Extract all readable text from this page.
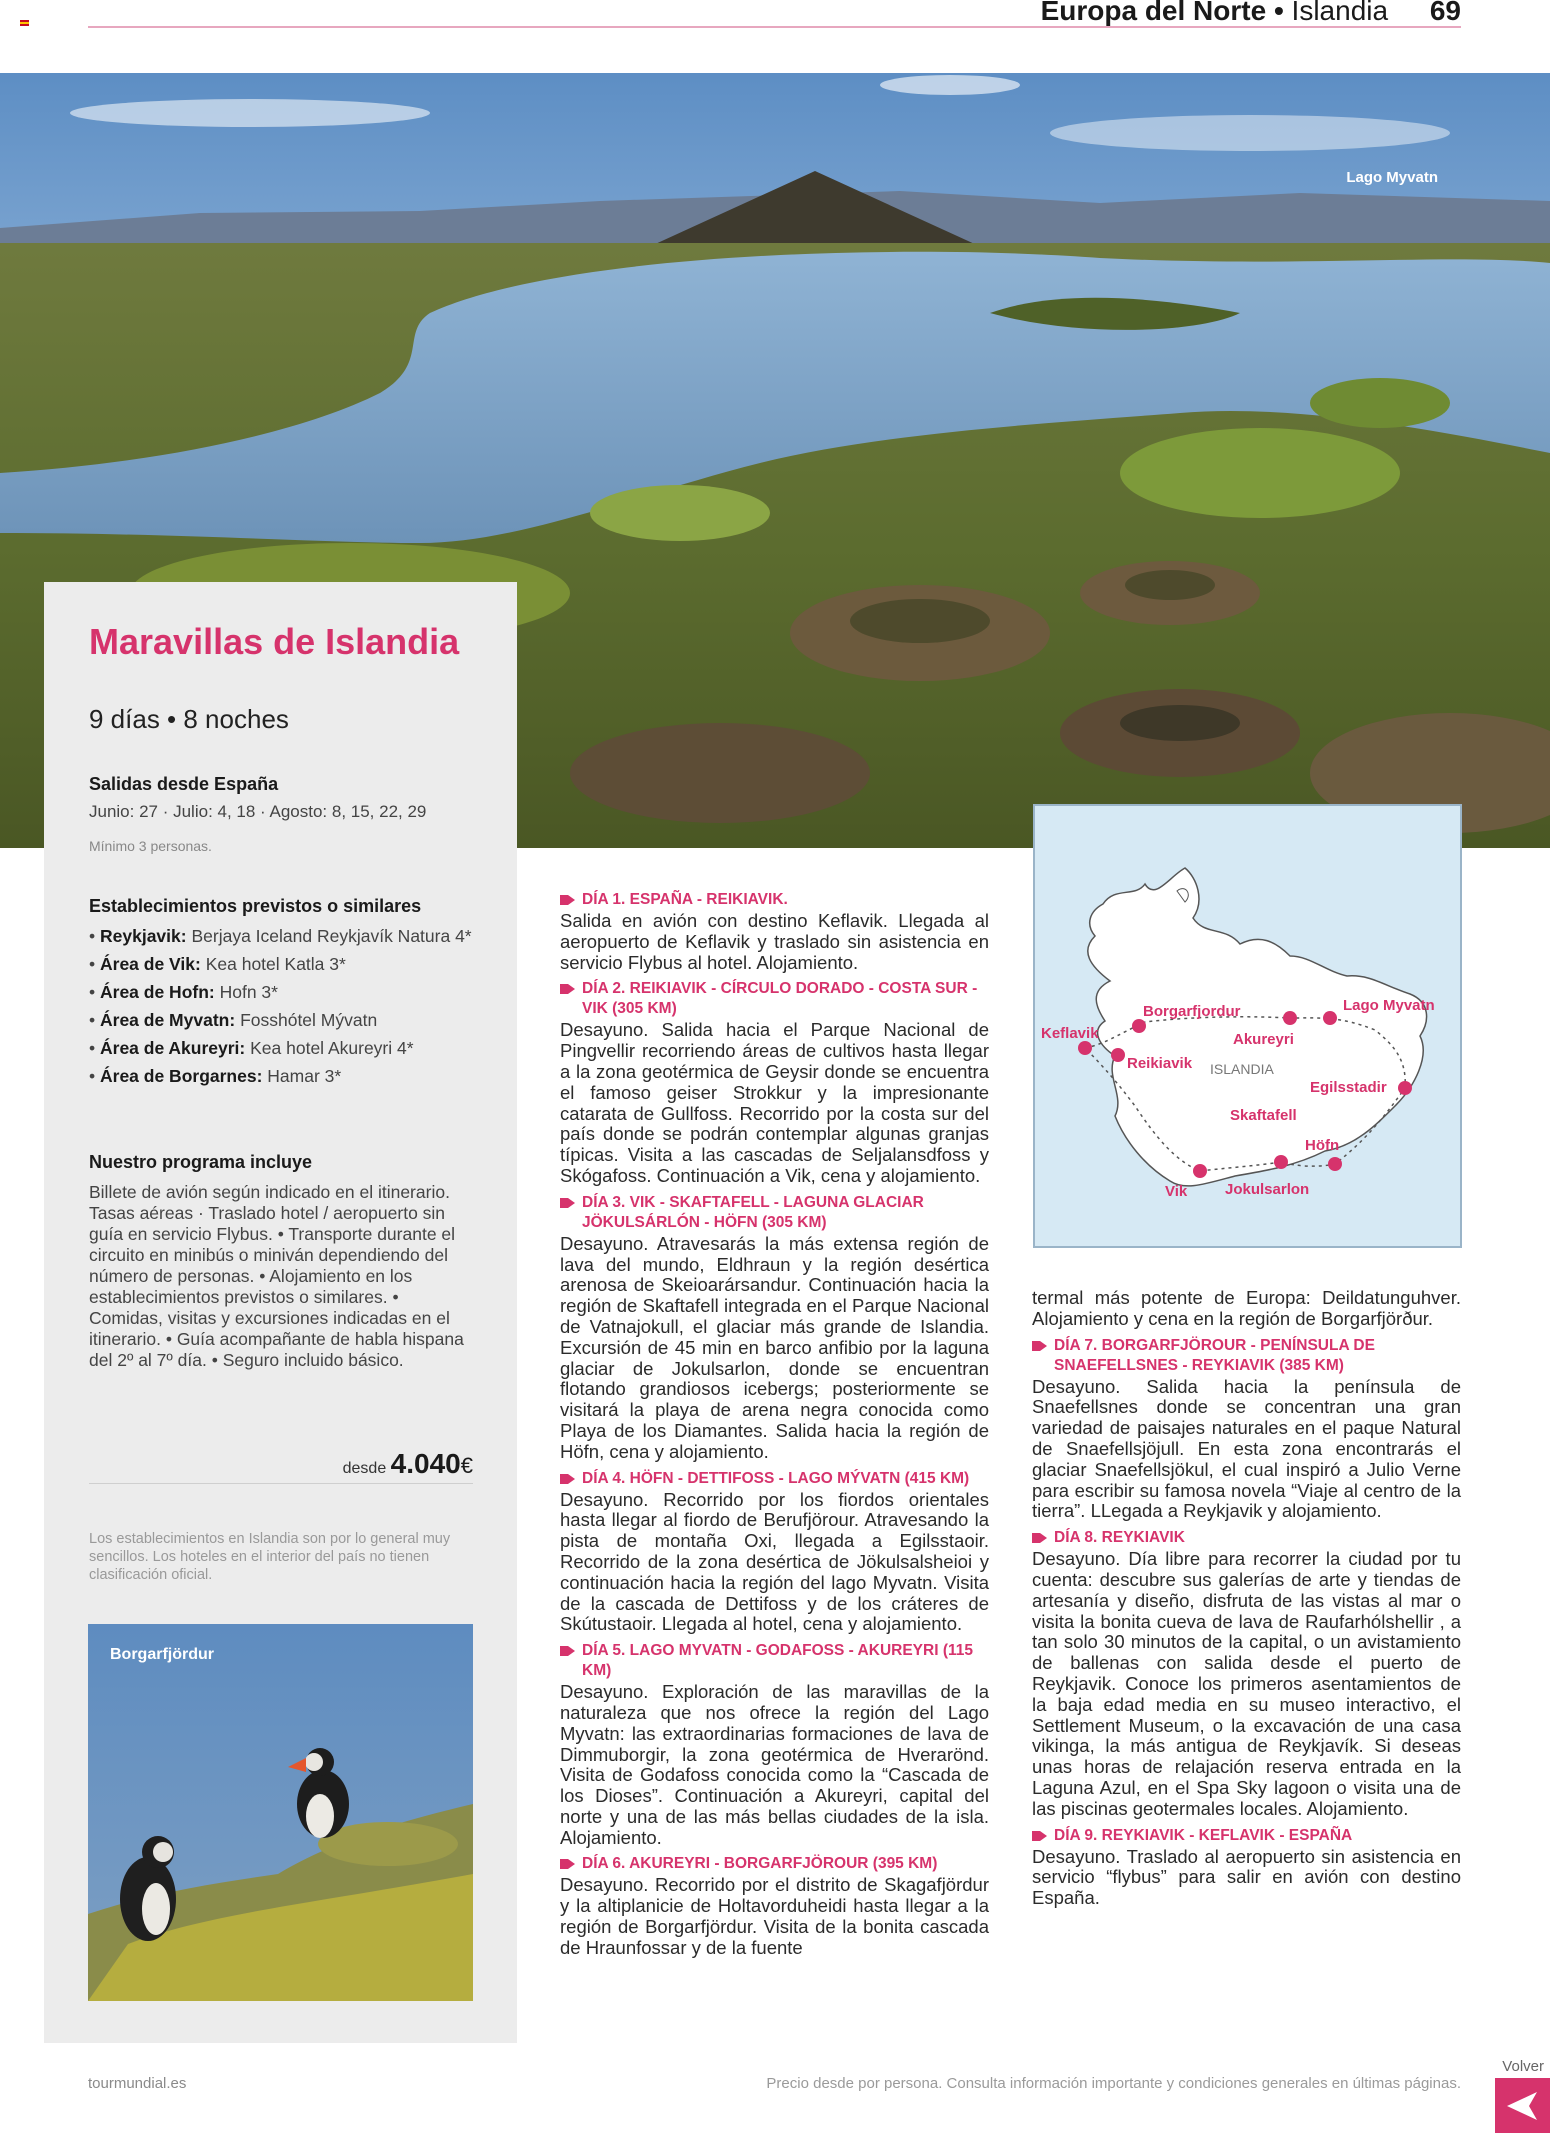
Europa del Norte • Islandia 69
Lago Myvatn
Maravillas de Islandia
9 días • 8 noches
Salidas desde España
Junio: 27 · Julio: 4, 18 · Agosto: 8, 15, 22, 29
Mínimo 3 personas.
Establecimientos previstos o similares
• Reykjavik: Berjaya Iceland Reykjavík Natura 4*
• Área de Vik: Kea hotel Katla 3*
• Área de Hofn: Hofn 3*
• Área de Myvatn: Fosshótel Mývatn
• Área de Akureyri: Kea hotel Akureyri 4*
• Área de Borgarnes: Hamar 3*
Nuestro programa incluye
Billete de avión según indicado en el itinerario. Tasas aéreas · Traslado hotel / aeropuerto sin guía en servicio Flybus. • Transporte durante el circuito en minibús o miniván dependiendo del número de personas. • Alojamiento en los establecimientos previstos o similares. • Comidas, visitas y excursiones indicadas en el itinerario. • Guía acompañante de habla hispana del 2º al 7º día. • Seguro incluido básico.
desde 4.040€
Los establecimientos en Islandia son por lo general muy sencillos. Los hoteles en el interior del país no tienen clasificación oficial.
Borgarfjördur
DÍA 1. ESPAÑA - REIKIAVIK.

Salida en avión con destino Keflavik. Llegada al aeropuerto de Keflavik y traslado sin asistencia en servicio Flybus al hotel. Alojamiento.

DÍA 2. REIKIAVIK - CÍRCULO DORADO - COSTA SUR - VIK (305 KM)

Desayuno. Salida hacia el Parque Nacional de Pingvellir recorriendo áreas de cultivos hasta llegar a la zona geotérmica de Geysir donde se encuentra el famoso geiser Strokkur y la impresionante catarata de Gullfoss. Recorrido por la costa sur del país donde se podrán contemplar algunas granjas típicas. Visita a las cascadas de Seljalansdfoss y Skógafoss. Continuación a Vik, cena y alojamiento.

DÍA 3. VIK - SKAFTAFELL - LAGUNA GLACIAR JÖKULSÁRLÓN - HÖFN (305 KM)

Desayuno. Atravesarás la más extensa región de lava del mundo, Eldhraun y la región desértica arenosa de Skeioarársandur. Continuación hacia la región de Skaftafell integrada en el Parque Nacional de Vatnajokull, el glaciar más grande de Islandia. Excursión de 45 min en barco anfibio por la laguna glaciar de Jokulsarlon, donde se encuentran flotando grandiosos icebergs; posteriormente se visitará la playa de arena negra conocida como Playa de los Diamantes. Salida hacia la región de Höfn, cena y alojamiento.

DÍA 4. HÖFN - DETTIFOSS - LAGO MÝVATN (415 KM)

Desayuno. Recorrido por los fiordos orientales hasta llegar al fiordo de Berufjörour. Atravesando la pista de montaña Oxi, llegada a Egilsstaoir. Recorrido de la zona desértica de Jökulsalsheioi y continuación hacia la región del lago Myvatn. Visita de la cascada de Dettifoss y de los cráteres de Skútustaoir. Llegada al hotel, cena y alojamiento.

DÍA 5. LAGO MYVATN - GODAFOSS - AKUREYRI (115 KM)

Desayuno. Exploración de las maravillas de la naturaleza que nos ofrece la región del Lago Myvatn: las extraordinarias formaciones de lava de Dimmuborgir, la zona geotérmica de Hverarönd. Visita de Godafoss conocida como la “Cascada de los Dioses”. Continuación a Akureyri, capital del norte y una de las más bellas ciudades de la isla. Alojamiento.

DÍA 6. AKUREYRI - BORGARFJÖROUR (395 KM)

Desayuno. Recorrido por el distrito de Skagafjördur y la altiplanicie de Holtavorduheidi hasta llegar a la región de Borgarfjördur. Visita de la bonita cascada de Hraunfossar y de la fuente

ISLANDIA
Keflavik
Reikiavik
Borgarfjordur
Akureyri
Lago Myvatn
Egilsstadir
Skaftafell
Höfn
Vik	Jokulsarlon

termal más potente de Europa: Deildatunguhver. Alojamiento y cena en la región de Borgarfjörður.

DÍA 7. BORGARFJÖROUR - PENÍNSULA DE SNAEFELLSNES - REYKIAVIK (385 KM)

Desayuno. Salida hacia la península de Snaefellsnes donde se concentran una gran variedad de paisajes naturales en el paque Natural de Snaefellsjöjull. En esta zona encontrarás el glaciar Snaefellsjökul, el cual inspiró a Julio Verne para escribir su famosa novela “Viaje al centro de la tierra”. LLegada a Reykjavik y alojamiento.

DÍA 8. REYKIAVIK

Desayuno. Día libre para recorrer la ciudad por tu cuenta: descubre sus galerías de arte y tiendas de artesanía y diseño, disfruta de las vistas al mar o visita la bonita cueva de lava de Raufarhólshellir , a tan solo 30 minutos de la capital, o un avistamiento de ballenas con salida desde el puerto de Reykjavik. Conoce los primeros asentamientos de la baja edad media en su museo interactivo, el Settlement Museum, o la excavación de una casa vikinga, la más antigua de Reykjavík. Si deseas unas horas de relajación reserva entrada en la Laguna Azul, en el Spa Sky lagoon o visita una de las piscinas geotermales locales. Alojamiento.

DÍA 9. REYKIAVIK - KEFLAVIK - ESPAÑA

Desayuno. Traslado al aeropuerto sin asistencia en servicio “flybus” para salir en avión con destino España.

tourmundial.es	Precio desde por persona. Consulta información importante y condiciones generales en últimas páginas.
Volver
